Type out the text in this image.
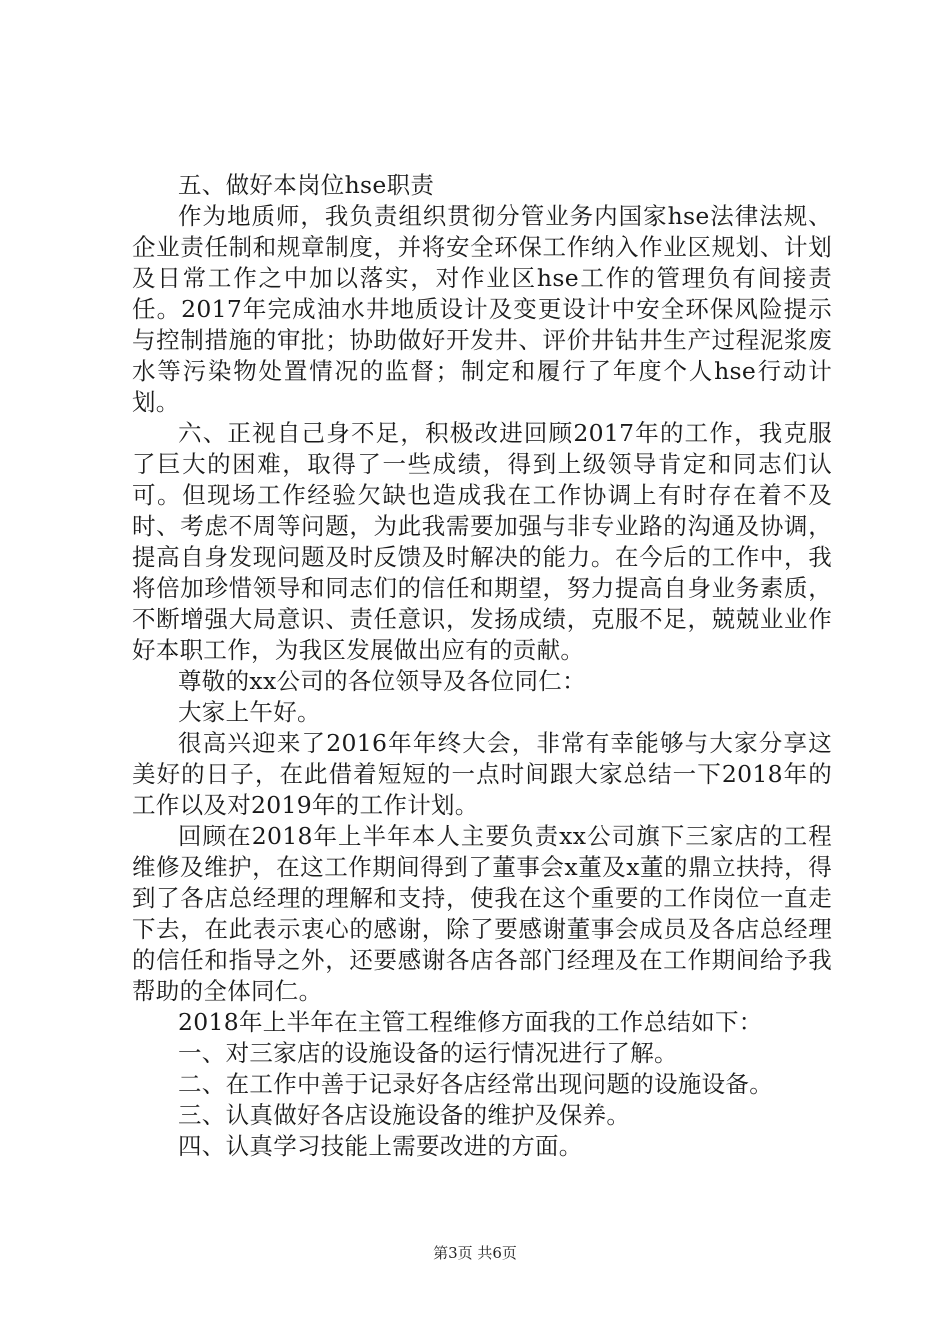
五、做好本岗位hse职责

作为地质师，我负责组织贯彻分管业务内国家hse法律法规、企业责任制和规章制度，并将安全环保工作纳入作业区规划、计划及日常工作之中加以落实，对作业区hse工作的管理负有间接责任。2017年完成油水井地质设计及变更设计中安全环保风险提示与控制措施的审批；协助做好开发井、评价井钻井生产过程泥浆废水等污染物处置情况的监督；制定和履行了年度个人hse行动计划。

六、正视自己身不足，积极改进回顾2017年的工作，我克服了巨大的困难，取得了一些成绩，得到上级领导肯定和同志们认可。但现场工作经验欠缺也造成我在工作协调上有时存在着不及时、考虑不周等问题，为此我需要加强与非专业路的沟通及协调，提高自身发现问题及时反馈及时解决的能力。在今后的工作中，我将倍加珍惜领导和同志们的信任和期望，努力提高自身业务素质，不断增强大局意识、责任意识，发扬成绩，克服不足，兢兢业业作好本职工作，为我区发展做出应有的贡献。

尊敬的xx公司的各位领导及各位同仁：

大家上午好。

很高兴迎来了2016年年终大会，非常有幸能够与大家分享这美好的日子，在此借着短短的一点时间跟大家总结一下2018年的工作以及对2019年的工作计划。

回顾在2018年上半年本人主要负责xx公司旗下三家店的工程维修及维护，在这工作期间得到了董事会x董及x董的鼎立扶持，得到了各店总经理的理解和支持，使我在这个重要的工作岗位一直走下去，在此表示衷心的感谢，除了要感谢董事会成员及各店总经理的信任和指导之外，还要感谢各店各部门经理及在工作期间给予我帮助的全体同仁。

2018年上半年在主管工程维修方面我的工作总结如下：

一、对三家店的设施设备的运行情况进行了解。

二、在工作中善于记录好各店经常出现问题的设施设备。

三、认真做好各店设施设备的维护及保养。

四、认真学习技能上需要改进的方面。

第3页 共6页
